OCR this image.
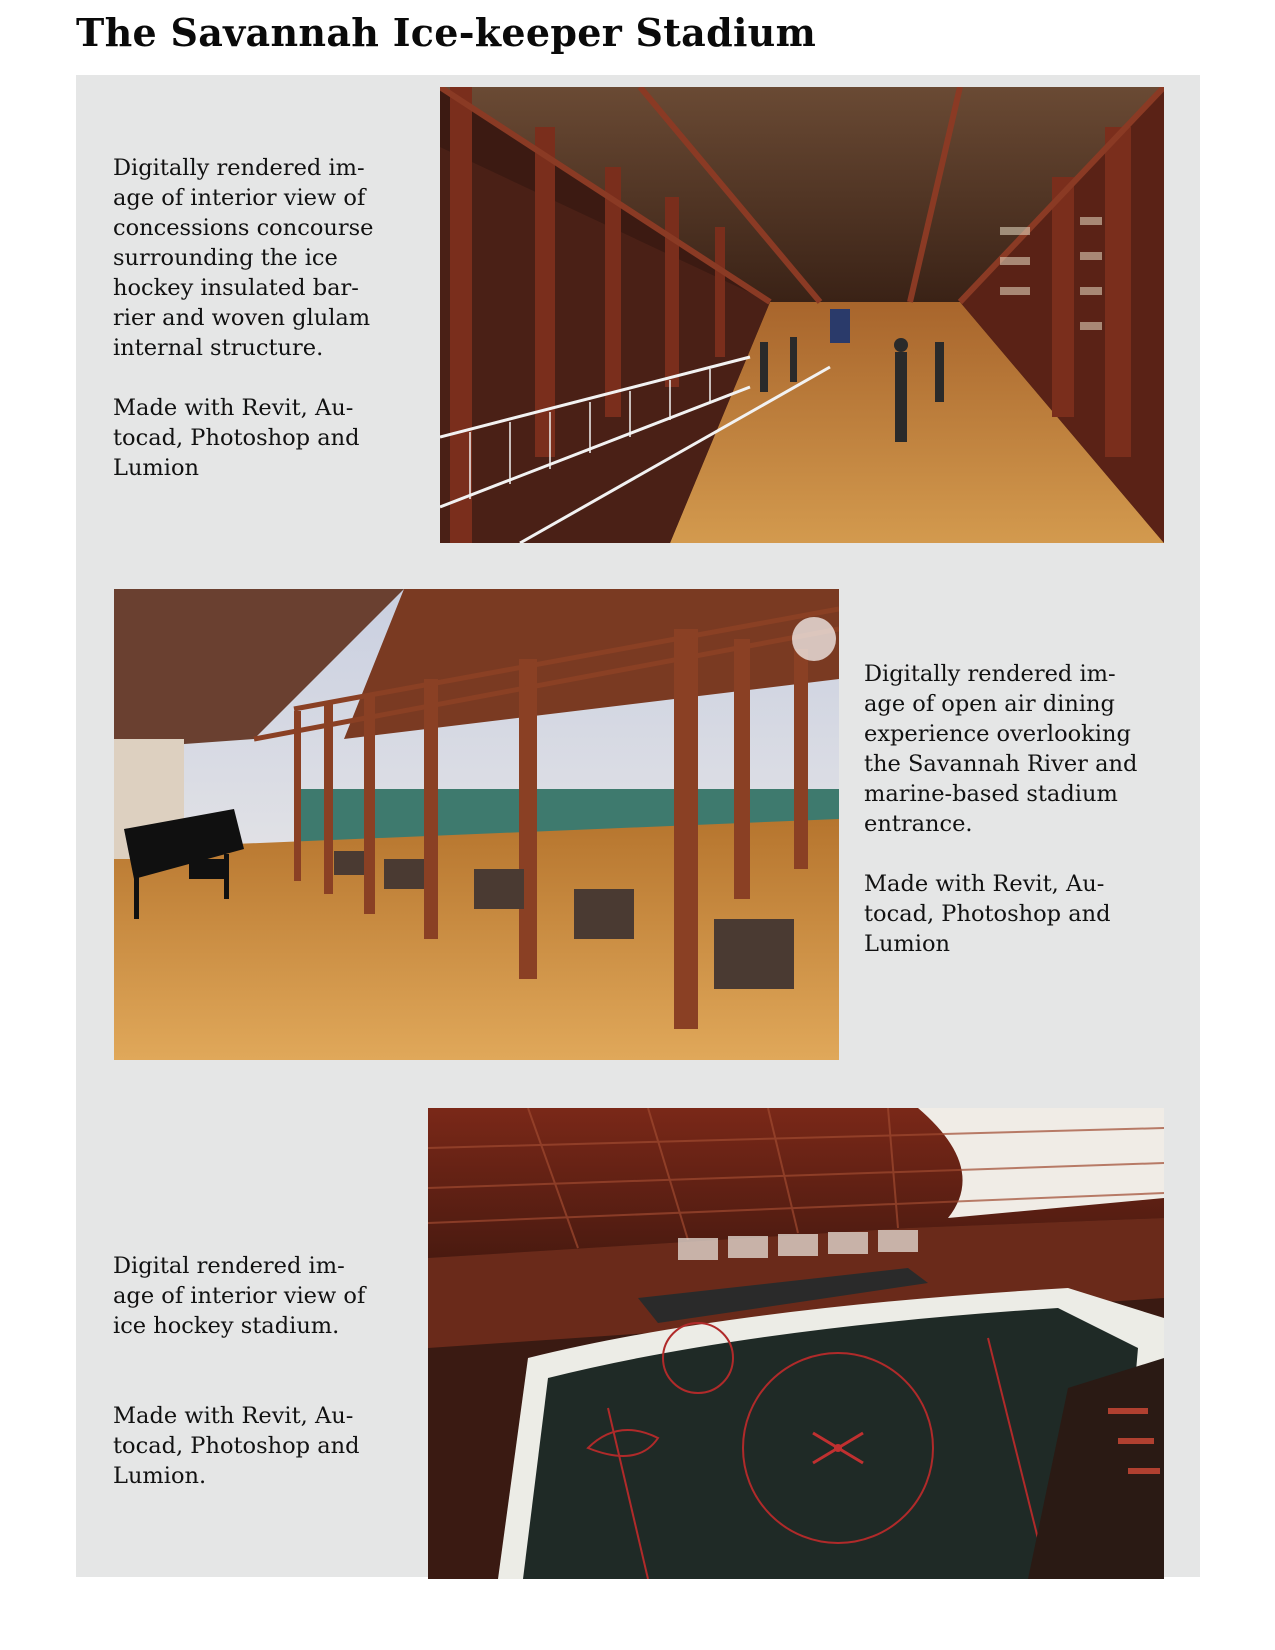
The Savannah Ice-keeper Stadium

Digitally rendered im-
age of interior view of
concessions concourse
surrounding the ice
hockey insulated bar-
rier and woven glulam
internal structure.

Made with Revit, Au-
tocad, Photoshop and
Lumion

Digitally rendered im-
age of open air dining
experience overlooking
the Savannah River and
marine-based stadium
entrance.

Made with Revit, Au-
tocad, Photoshop and
Lumion

Digital rendered im-
age of interior view of
ice hockey stadium.

Made with Revit, Au-
tocad, Photoshop and
Lumion.
